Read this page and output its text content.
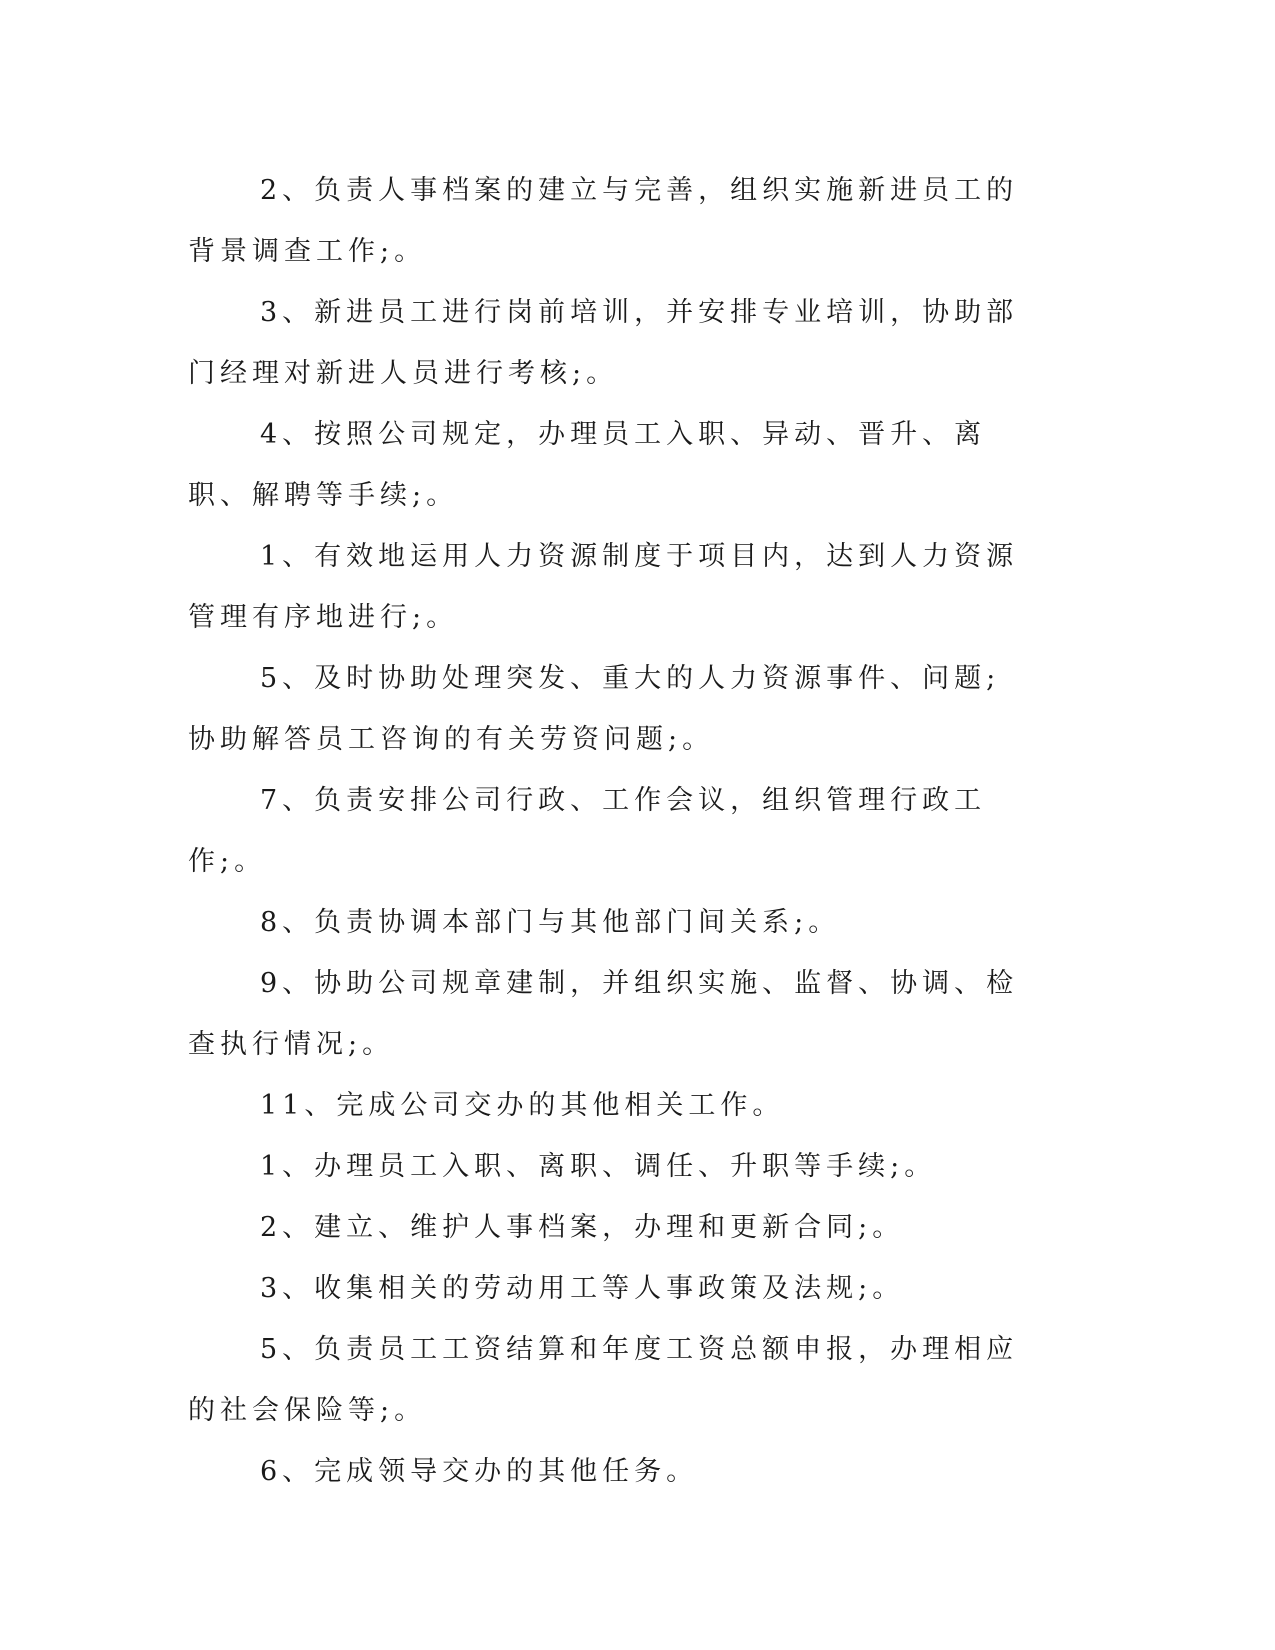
2、负责人事档案的建立与完善，组织实施新进员工的背景调查工作;。

3、新进员工进行岗前培训，并安排专业培训，协助部门经理对新进人员进行考核;。

4、按照公司规定，办理员工入职、异动、晋升、离职、解聘等手续;。

1、有效地运用人力资源制度于项目内，达到人力资源管理有序地进行;。

5、及时协助处理突发、重大的人力资源事件、问题;协助解答员工咨询的有关劳资问题;。

7、负责安排公司行政、工作会议，组织管理行政工作;。

8、负责协调本部门与其他部门间关系;。

9、协助公司规章建制，并组织实施、监督、协调、检查执行情况;。

11、完成公司交办的其他相关工作。

1、办理员工入职、离职、调任、升职等手续;。

2、建立、维护人事档案，办理和更新合同;。

3、收集相关的劳动用工等人事政策及法规;。

5、负责员工工资结算和年度工资总额申报，办理相应的社会保险等;。

6、完成领导交办的其他任务。
